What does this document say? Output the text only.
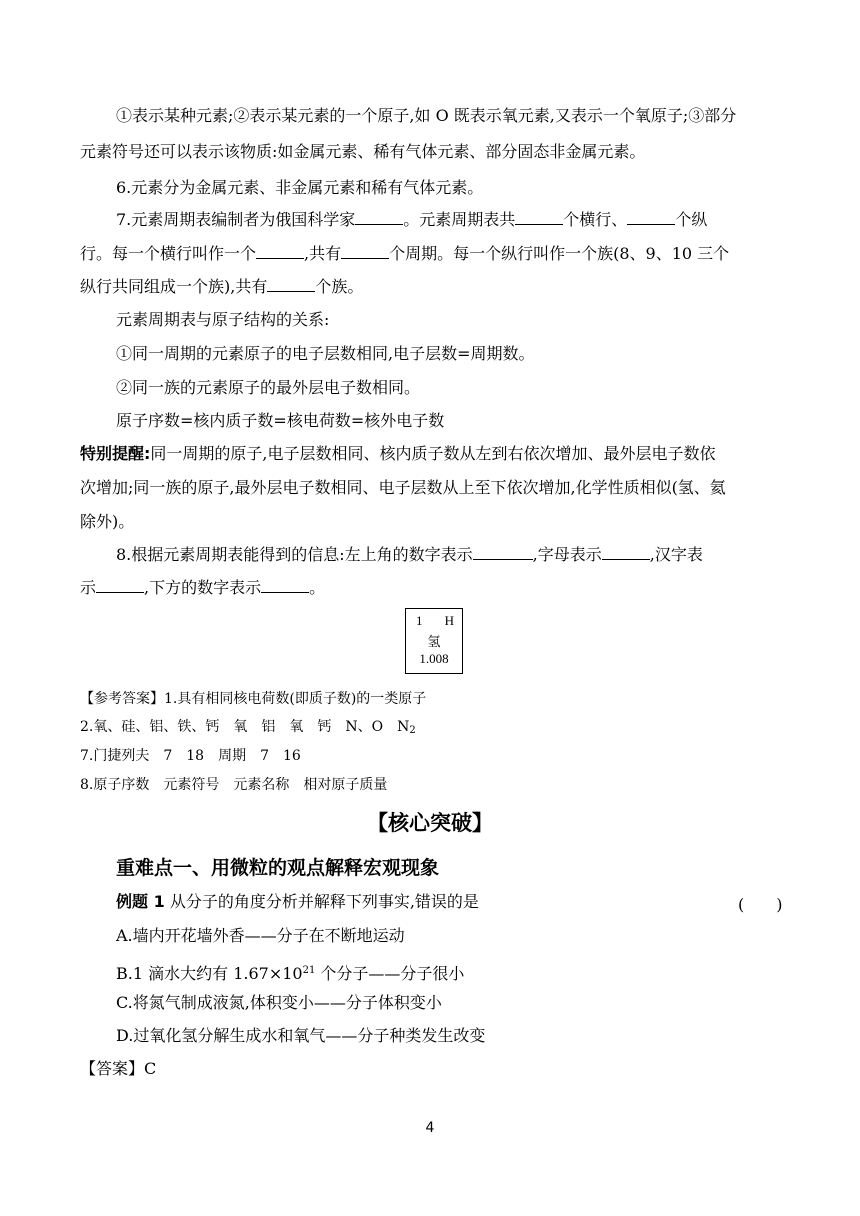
①表示某种元素;②表示某元素的一个原子,如 O 既表示氧元素,又表示一个氧原子;③部分
元素符号还可以表示该物质:如金属元素、稀有气体元素、部分固态非金属元素。
6.元素分为金属元素、非金属元素和稀有气体元素。
7.元素周期表编制者为俄国科学家	。元素周期表共	个横行、	个纵
行。每一个横行叫作一个	,共有	个周期。每一个纵行叫作一个族(8、9、10 三个
纵行共同组成一个族),共有	个族。
元素周期表与原子结构的关系:
①同一周期的元素原子的电子层数相同,电子层数=周期数。
②同一族的元素原子的最外层电子数相同。
原子序数=核内质子数=核电荷数=核外电子数
特别提醒:同一周期的原子,电子层数相同、核内质子数从左到右依次增加、最外层电子数依
次增加;同一族的原子,最外层电子数相同、电子层数从上至下依次增加,化学性质相似(氢、氦
除外)。
8.根据元素周期表能得到的信息:左上角的数字表示	,字母表示	,汉字表
示	,下方的数字表示	。
1 H
氢
1.008
【参考答案】1.具有相同核电荷数(即质子数)的一类原子
2.氧、硅、铝、铁、钙　氧　铝　氧　钙　N、O　$N_2$
7.门捷列夫　7　18　周期　7　16
8.原子序数　元素符号　元素名称　相对原子质量
【核心突破】
重难点一、用微粒的观点解释宏观现象
例题 1 从分子的角度分析并解释下列事实,错误的是	(　　)
A.墙内开花墙外香——分子在不断地运动
B.1 滴水大约有 $1.67\times 10^{21}$ 个分子——分子很小
C.将氮气制成液氮,体积变小——分子体积变小
D.过氧化氢分解生成水和氧气——分子种类发生改变
【答案】C
4
